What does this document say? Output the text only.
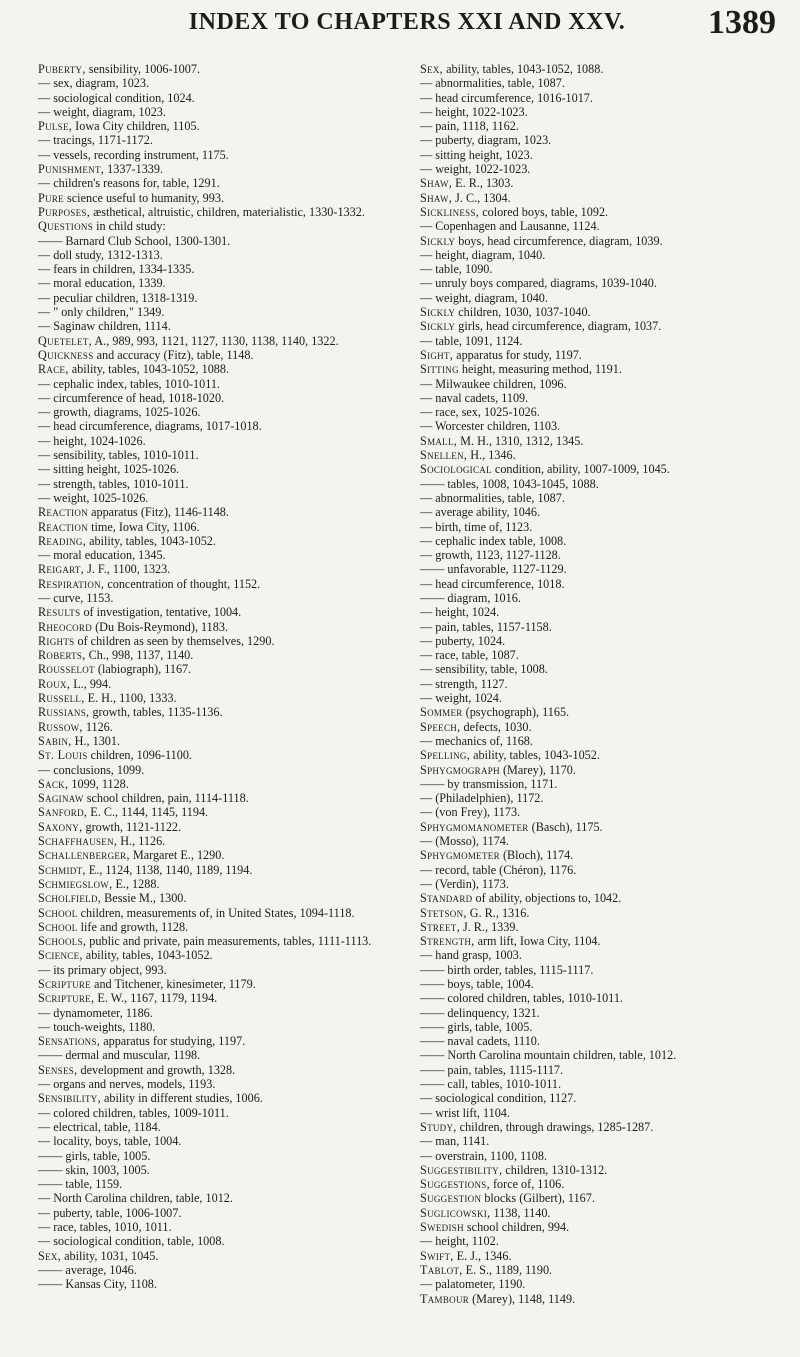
INDEX TO CHAPTERS XXI AND XXV.	1389
Puberty, sensibility, 1006-1007.
— sex, diagram, 1023.
— sociological condition, 1024.
— weight, diagram, 1023.
Pulse, Iowa City children, 1105.
— tracings, 1171-1172.
— vessels, recording instrument, 1175.
Punishment, 1337-1339.
— children's reasons for, table, 1291.
Pure science useful to humanity, 993.
Purposes, æsthetical, altruistic, children, materialistic, 1330-1332.
Questions in child study:
—— Barnard Club School, 1300-1301.
— doll study, 1312-1313.
— fears in children, 1334-1335.
— moral education, 1339.
— peculiar children, 1318-1319.
— " only children," 1349.
— Saginaw children, 1114.
Quetelet, A., 989, 993, 1121, 1127, 1130, 1138, 1140, 1322.
Quickness and accuracy (Fitz), table, 1148.
Race, ability, tables, 1043-1052, 1088.
— cephalic index, tables, 1010-1011.
— circumference of head, 1018-1020.
— growth, diagrams, 1025-1026.
— head circumference, diagrams, 1017-1018.
— height, 1024-1026.
— sensibility, tables, 1010-1011.
— sitting height, 1025-1026.
— strength, tables, 1010-1011.
— weight, 1025-1026.
Reaction apparatus (Fitz), 1146-1148.
Reaction time, Iowa City, 1106.
Reading, ability, tables, 1043-1052.
— moral education, 1345.
Reigart, J. F., 1100, 1323.
Respiration, concentration of thought, 1152.
— curve, 1153.
Results of investigation, tentative, 1004.
Rheocord (Du Bois-Reymond), 1183.
Rights of children as seen by themselves, 1290.
Roberts, Ch., 998, 1137, 1140.
Rousselot (labiograph), 1167.
Roux, L., 994.
Russell, E. H., 1100, 1333.
Russians, growth, tables, 1135-1136.
Russow, 1126.
Sabin, H., 1301.
St. Louis children, 1096-1100.
— conclusions, 1099.
Sack, 1099, 1128.
Saginaw school children, pain, 1114-1118.
Sanford, E. C., 1144, 1145, 1194.
Saxony, growth, 1121-1122.
Schaffhausen, H., 1126.
Schallenberger, Margaret E., 1290.
Schmidt, E., 1124, 1138, 1140, 1189, 1194.
Schmiegslow, E., 1288.
Scholfield, Bessie M., 1300.
School children, measurements of, in United States, 1094-1118.
School life and growth, 1128.
Schools, public and private, pain measurements, tables, 1111-1113.
Science, ability, tables, 1043-1052.
— its primary object, 993.
Scripture and Titchener, kinesimeter, 1179.
Scripture, E. W., 1167, 1179, 1194.
— dynamometer, 1186.
— touch-weights, 1180.
Sensations, apparatus for studying, 1197.
—— dermal and muscular, 1198.
Senses, development and growth, 1328.
— organs and nerves, models, 1193.
Sensibility, ability in different studies, 1006.
— colored children, tables, 1009-1011.
— electrical, table, 1184.
— locality, boys, table, 1004.
—— girls, table, 1005.
—— skin, 1003, 1005.
—— table, 1159.
— North Carolina children, table, 1012.
— puberty, table, 1006-1007.
— race, tables, 1010, 1011.
— sociological condition, table, 1008.
Sex, ability, 1031, 1045.
—— average, 1046.
—— Kansas City, 1108.
Sex, ability, tables, 1043-1052, 1088.
— abnormalities, table, 1087.
— head circumference, 1016-1017.
— height, 1022-1023.
— pain, 1118, 1162.
— puberty, diagram, 1023.
— sitting height, 1023.
— weight, 1022-1023.
Shaw, E. R., 1303.
Shaw, J. C., 1304.
Sickliness, colored boys, table, 1092.
— Copenhagen and Lausanne, 1124.
Sickly boys, head circumference, diagram, 1039.
— height, diagram, 1040.
— table, 1090.
— unruly boys compared, diagrams, 1039-1040.
— weight, diagram, 1040.
Sickly children, 1030, 1037-1040.
Sickly girls, head circumference, diagram, 1037.
— table, 1091, 1124.
Sight, apparatus for study, 1197.
Sitting height, measuring method, 1191.
— Milwaukee children, 1096.
— naval cadets, 1109.
— race, sex, 1025-1026.
— Worcester children, 1103.
Small, M. H., 1310, 1312, 1345.
Snellen, H., 1346.
Sociological condition, ability, 1007-1009, 1045.
—— tables, 1008, 1043-1045, 1088.
— abnormalities, table, 1087.
— average ability, 1046.
— birth, time of, 1123.
— cephalic index table, 1008.
— growth, 1123, 1127-1128.
—— unfavorable, 1127-1129.
— head circumference, 1018.
—— diagram, 1016.
— height, 1024.
— pain, tables, 1157-1158.
— puberty, 1024.
— race, table, 1087.
— sensibility, table, 1008.
— strength, 1127.
— weight, 1024.
Sommer (psychograph), 1165.
Speech, defects, 1030.
— mechanics of, 1168.
Spelling, ability, tables, 1043-1052.
Sphygmograph (Marey), 1170.
—— by transmission, 1171.
— (Philadelphien), 1172.
— (von Frey), 1173.
Sphygmomanometer (Basch), 1175.
— (Mosso), 1174.
Sphygmometer (Bloch), 1174.
— record, table (Chéron), 1176.
— (Verdin), 1173.
Standard of ability, objections to, 1042.
Stetson, G. R., 1316.
Street, J. R., 1339.
Strength, arm lift, Iowa City, 1104.
— hand grasp, 1003.
—— birth order, tables, 1115-1117.
—— boys, table, 1004.
—— colored children, tables, 1010-1011.
—— delinquency, 1321.
—— girls, table, 1005.
—— naval cadets, 1110.
—— North Carolina mountain children, table, 1012.
—— pain, tables, 1115-1117.
—— call, tables, 1010-1011.
— sociological condition, 1127.
— wrist lift, 1104.
Study, children, through drawings, 1285-1287.
— man, 1141.
— overstrain, 1100, 1108.
Suggestibility, children, 1310-1312.
Suggestions, force of, 1106.
Suggestion blocks (Gilbert), 1167.
Suglicowski, 1138, 1140.
Swedish school children, 994.
— height, 1102.
Swift, E. J., 1346.
Tablot, E. S., 1189, 1190.
— palatometer, 1190.
Tambour (Marey), 1148, 1149.
